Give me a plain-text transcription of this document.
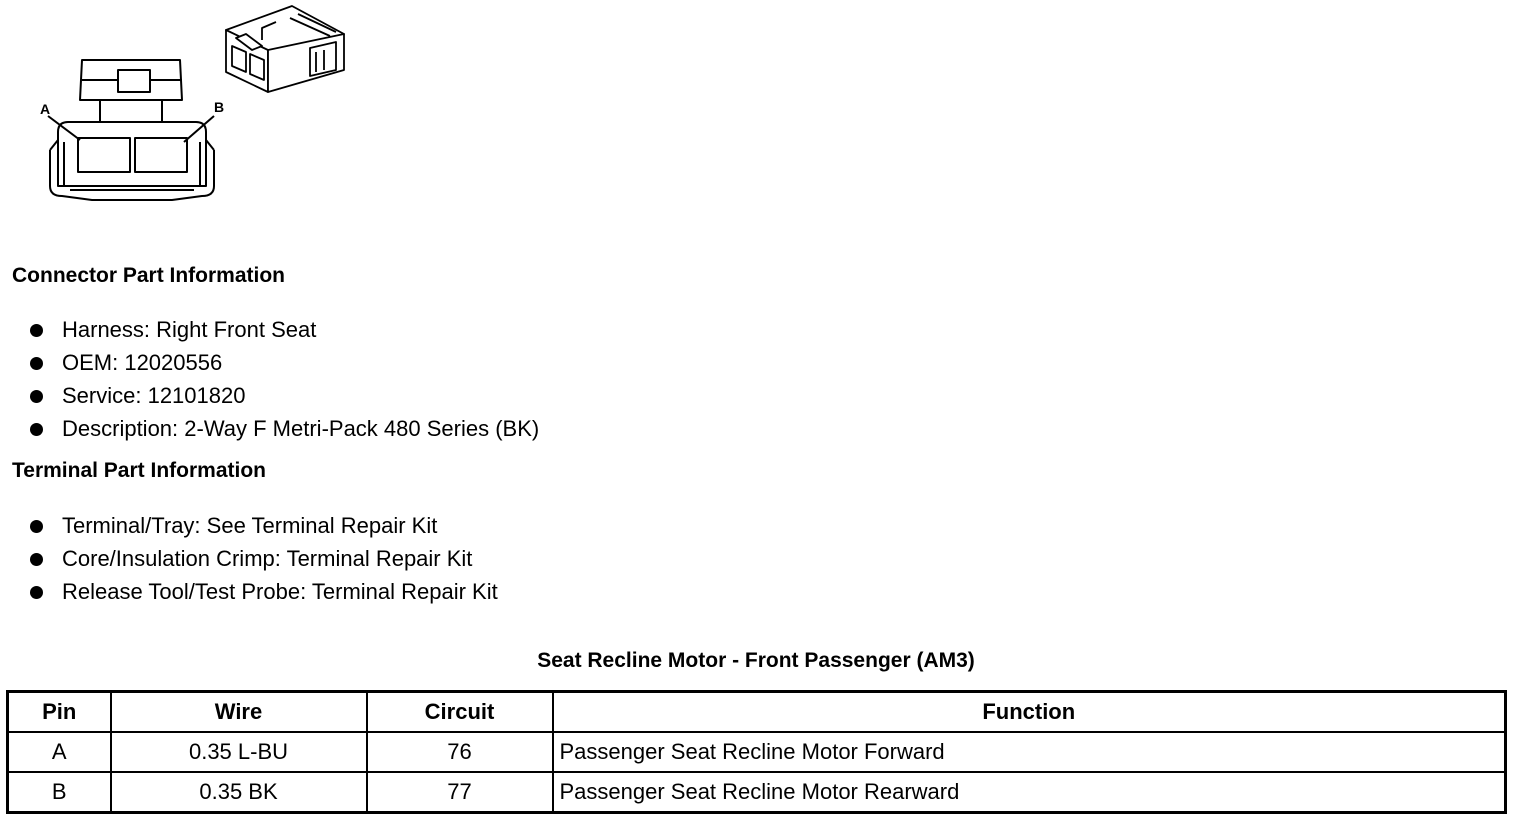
A	B
Connector Part Information
Harness: Right Front Seat
OEM: 12020556
Service: 12101820
Description: 2-Way F Metri-Pack 480 Series (BK)
Terminal Part Information
Terminal/Tray: See Terminal Repair Kit
Core/Insulation Crimp: Terminal Repair Kit
Release Tool/Test Probe: Terminal Repair Kit
Seat Recline Motor - Front Passenger (AM3)
Pin	Wire	Circuit	Function
A	0.35 L-BU	76	Passenger Seat Recline Motor Forward
B	0.35 BK	77	Passenger Seat Recline Motor Rearward
